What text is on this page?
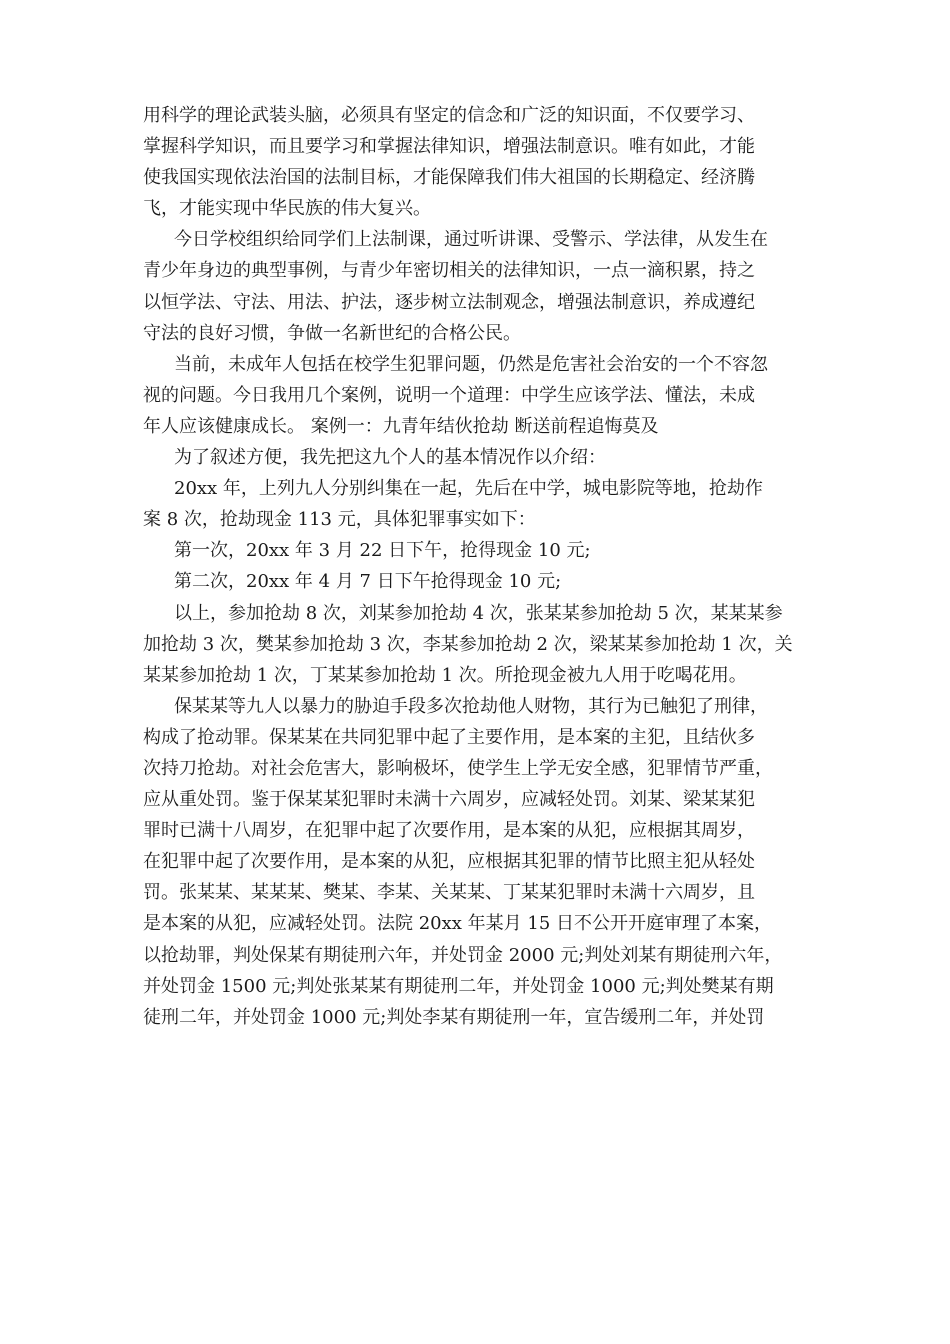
用科学的理论武装头脑，必须具有坚定的信念和广泛的知识面，不仅要学习、
掌握科学知识，而且要学习和掌握法律知识，增强法制意识。唯有如此，才能
使我国实现依法治国的法制目标，才能保障我们伟大祖国的长期稳定、经济腾
飞，才能实现中华民族的伟大复兴。

今日学校组织给同学们上法制课，通过听讲课、受警示、学法律，从发生在
青少年身边的典型事例，与青少年密切相关的法律知识，一点一滴积累，持之
以恒学法、守法、用法、护法，逐步树立法制观念，增强法制意识，养成遵纪
守法的良好习惯，争做一名新世纪的合格公民。

当前，未成年人包括在校学生犯罪问题，仍然是危害社会治安的一个不容忽
视的问题。今日我用几个案例，说明一个道理：中学生应该学法、懂法，未成
年人应该健康成长。 案例一：九青年结伙抢劫 断送前程追悔莫及

为了叙述方便，我先把这九个人的基本情况作以介绍：

20xx 年，上列九人分别纠集在一起，先后在中学，城电影院等地，抢劫作
案 8 次，抢劫现金 113 元，具体犯罪事实如下：

第一次，20xx 年 3 月 22 日下午，抢得现金 10 元;

第二次，20xx 年 4 月 7 日下午抢得现金 10 元;

以上，参加抢劫 8 次，刘某参加抢劫 4 次，张某某参加抢劫 5 次，某某某参
加抢劫 3 次，樊某参加抢劫 3 次，李某参加抢劫 2 次，梁某某参加抢劫 1 次，关
某某参加抢劫 1 次，丁某某参加抢劫 1 次。所抢现金被九人用于吃喝花用。

保某某等九人以暴力的胁迫手段多次抢劫他人财物，其行为已触犯了刑律，
构成了抢动罪。保某某在共同犯罪中起了主要作用，是本案的主犯，且结伙多
次持刀抢劫。对社会危害大，影响极坏，使学生上学无安全感，犯罪情节严重，
应从重处罚。鉴于保某某犯罪时未满十六周岁，应减轻处罚。刘某、梁某某犯
罪时已满十八周岁，在犯罪中起了次要作用，是本案的从犯，应根据其周岁，
在犯罪中起了次要作用，是本案的从犯，应根据其犯罪的情节比照主犯从轻处
罚。张某某、某某某、樊某、李某、关某某、丁某某犯罪时未满十六周岁，且
是本案的从犯，应减轻处罚。法院 20xx 年某月 15 日不公开开庭审理了本案，
以抢劫罪，判处保某有期徒刑六年，并处罚金 2000 元;判处刘某有期徒刑六年，
并处罚金 1500 元;判处张某某有期徒刑二年，并处罚金 1000 元;判处樊某有期
徒刑二年，并处罚金 1000 元;判处李某有期徒刑一年，宣告缓刑二年，并处罚
